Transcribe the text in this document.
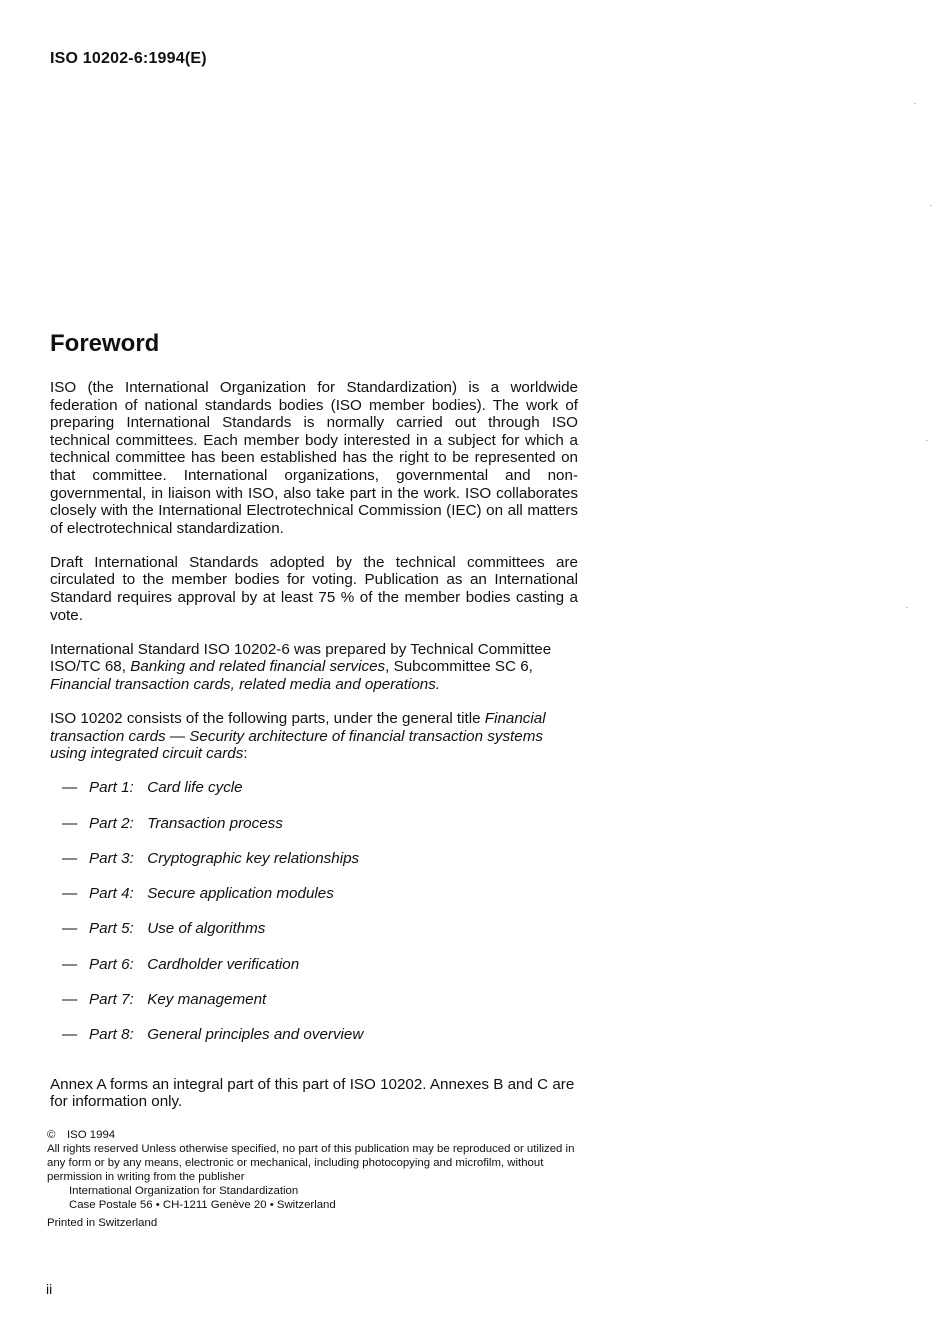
ISO 10202-6:1994(E)
Foreword

ISO (the International Organization for Standardization) is a worldwide federation of national standards bodies (ISO member bodies). The work of preparing International Standards is normally carried out through ISO technical committees. Each member body interested in a subject for which a technical committee has been established has the right to be represented on that committee. International organizations, governmental and non-governmental, in liaison with ISO, also take part in the work. ISO collaborates closely with the International Electrotechnical Commission (IEC) on all matters of electrotechnical standardization.

Draft International Standards adopted by the technical committees are circulated to the member bodies for voting. Publication as an International Standard requires approval by at least 75 % of the member bodies casting a vote.

International Standard ISO 10202-6 was prepared by Technical Committee ISO/TC 68, Banking and related financial services, Subcommittee SC 6, Financial transaction cards, related media and operations.

ISO 10202 consists of the following parts, under the general title Financial transaction cards — Security architecture of financial transaction systems using integrated circuit cards:

— Part 1: Card life cycle
— Part 2: Transaction process
— Part 3: Cryptographic key relationships
— Part 4: Secure application modules
— Part 5: Use of algorithms
— Part 6: Cardholder verification
— Part 7: Key management
— Part 8: General principles and overview

Annex A forms an integral part of this part of ISO 10202. Annexes B and C are for information only.

© ISO 1994
All rights reserved Unless otherwise specified, no part of this publication may be reproduced or utilized in any form or by any means, electronic or mechanical, including photocopying and microfilm, without permission in writing from the publisher
International Organization for Standardization
Case Postale 56 • CH-1211 Genève 20 • Switzerland
Printed in Switzerland
ii
